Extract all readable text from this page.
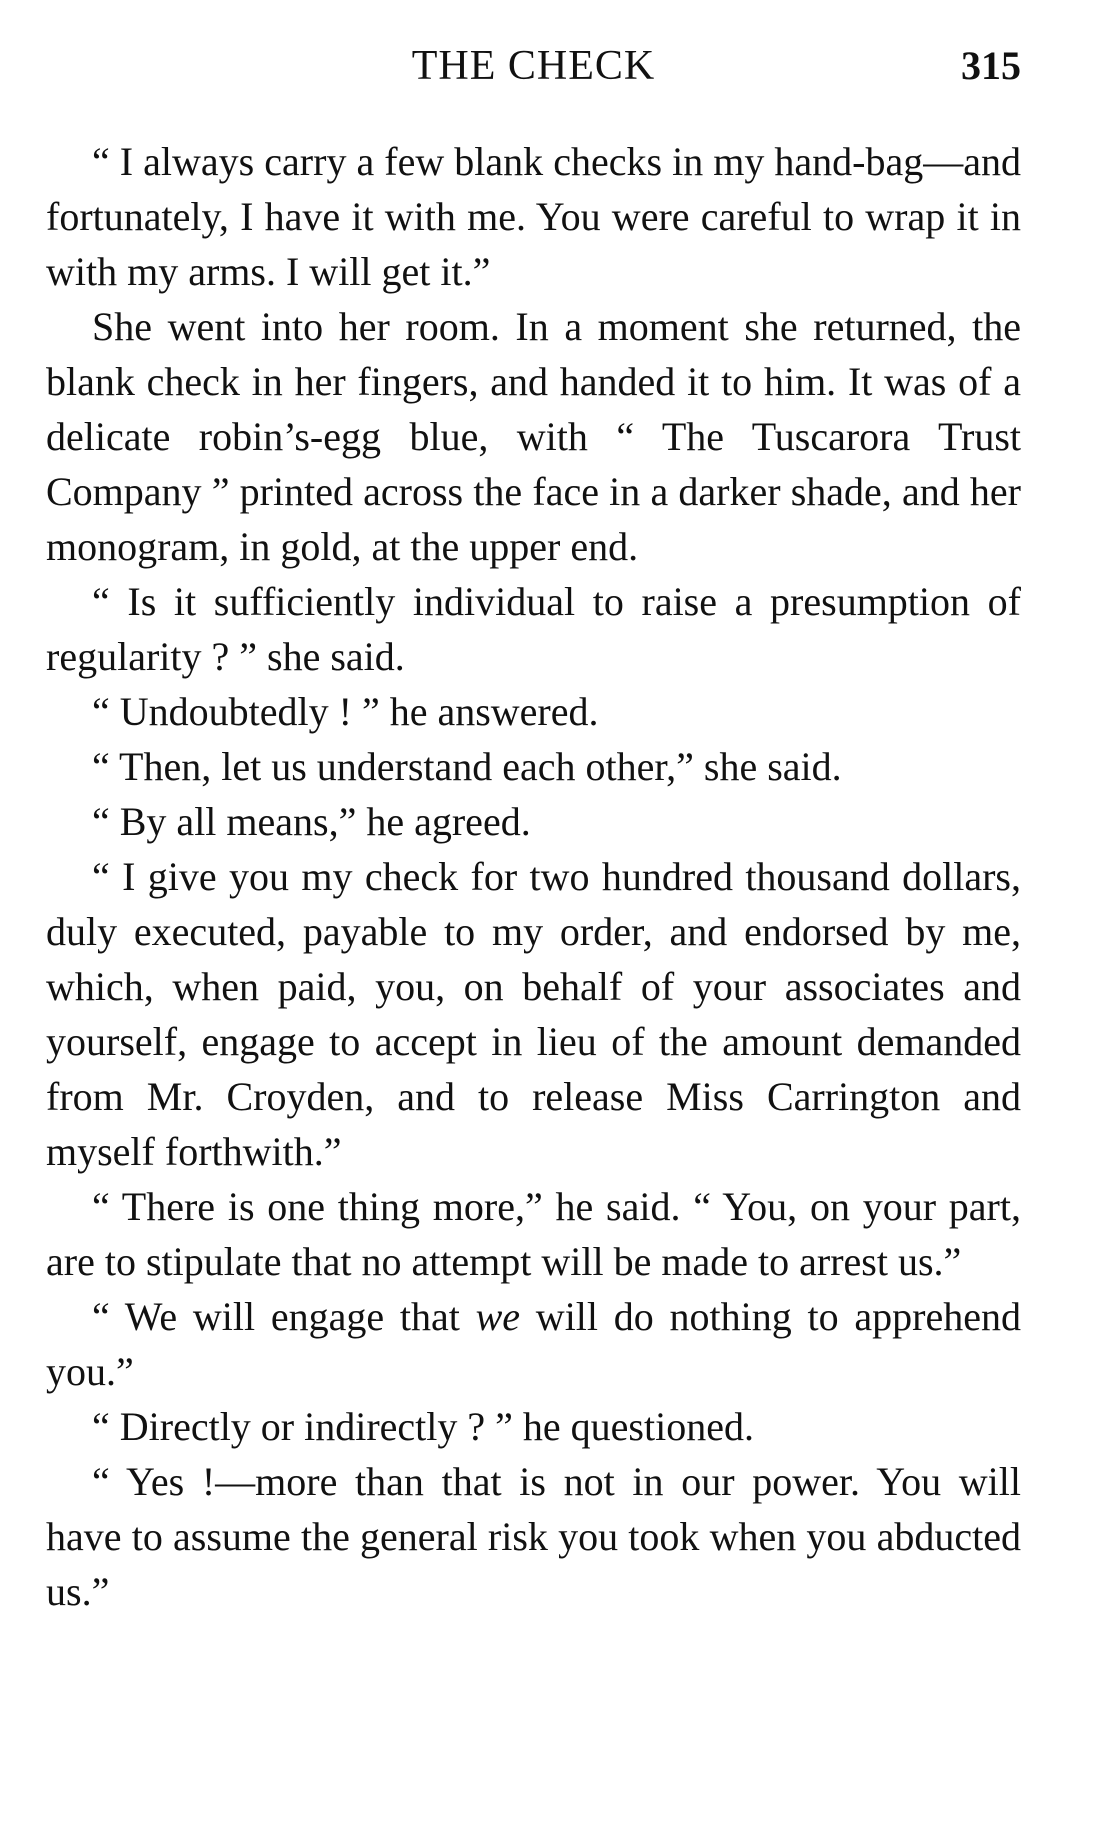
THE CHECK	315

“ I always carry a few blank checks in my hand-bag—and fortunately, I have it with me. You were careful to wrap it in with my arms. I will get it.”

She went into her room. In a moment she returned, the blank check in her fingers, and handed it to him. It was of a delicate robin’s-egg blue, with “ The Tuscarora Trust Company ” printed across the face in a darker shade, and her monogram, in gold, at the upper end.

“ Is it sufficiently individual to raise a presumption of regularity ? ” she said.

“ Undoubtedly ! ” he answered.

“ Then, let us understand each other,” she said.

“ By all means,” he agreed.

“ I give you my check for two hundred thousand dollars, duly executed, payable to my order, and endorsed by me, which, when paid, you, on behalf of your associates and yourself, engage to accept in lieu of the amount demanded from Mr. Croyden, and to release Miss Carrington and myself forthwith.”

“ There is one thing more,” he said. “ You, on your part, are to stipulate that no attempt will be made to arrest us.”

“ We will engage that we will do nothing to apprehend you.”

“ Directly or indirectly ? ” he questioned.

“ Yes !—more than that is not in our power. You will have to assume the general risk you took when you abducted us.”
